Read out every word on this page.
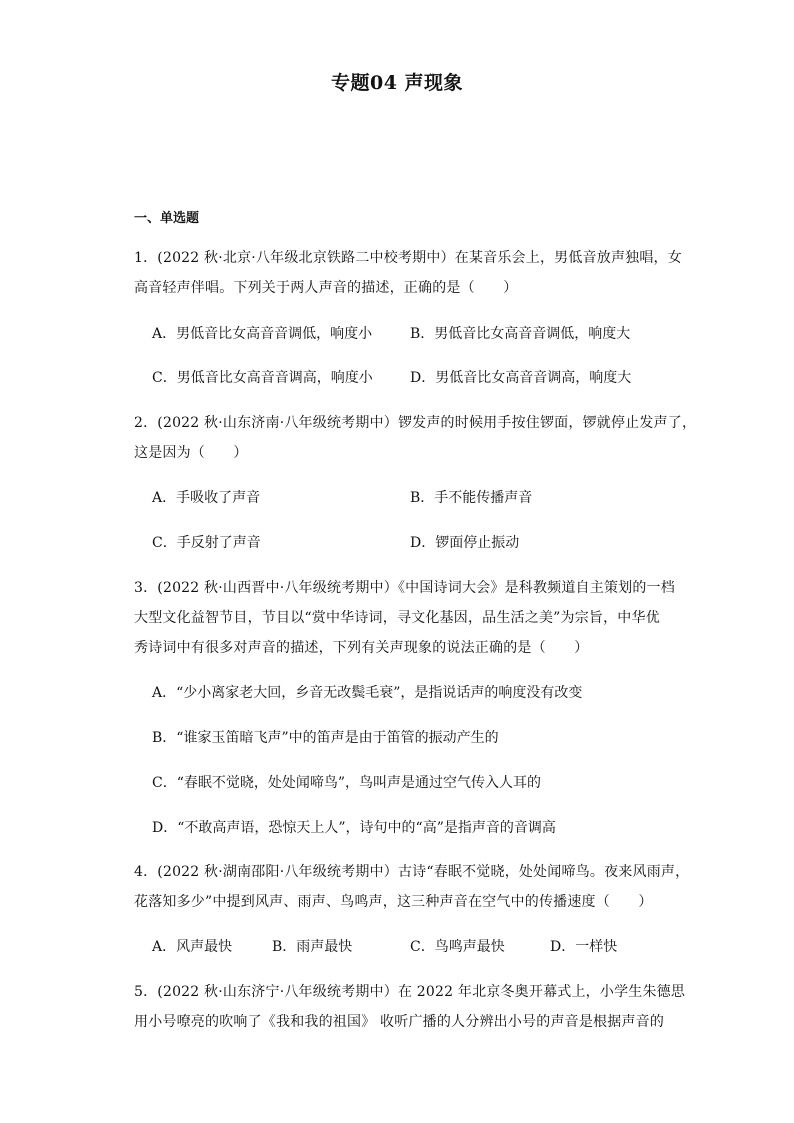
专题04 声现象
一、单选题
1．(2022 秋·北京·八年级北京铁路二中校考期中）在某音乐会上，男低音放声独唱，女
高音轻声伴唱。下列关于两人声音的描述，正确的是（　　）
A．男低音比女高音音调低，响度小	B．男低音比女高音音调低，响度大
C．男低音比女高音音调高，响度小	D．男低音比女高音音调高，响度大
2．(2022 秋·山东济南·八年级统考期中）锣发声的时候用手按住锣面，锣就停止发声了，
这是因为（　　）
A．手吸收了声音	B．手不能传播声音
C．手反射了声音	D．锣面停止振动
3．(2022 秋·山西晋中·八年级统考期中）《中国诗词大会》是科教频道自主策划的一档
大型文化益智节目，节目以“赏中华诗词，寻文化基因，品生活之美”为宗旨，中华优
秀诗词中有很多对声音的描述，下列有关声现象的说法正确的是（　　）
A．“少小离家老大回，乡音无改鬓毛衰”，是指说话声的响度没有改变
B．“谁家玉笛暗飞声”中的笛声是由于笛管的振动产生的
C．“春眠不觉晓，处处闻啼鸟”，鸟叫声是通过空气传入人耳的
D．“不敢高声语，恐惊天上人”，诗句中的“高”是指声音的音调高
4．(2022 秋·湖南邵阳·八年级统考期中）古诗“春眠不觉晓，处处闻啼鸟。夜来风雨声，
花落知多少”中提到风声、雨声、鸟鸣声，这三种声音在空气中的传播速度（　　）
A．风声最快	B．雨声最快	C．鸟鸣声最快	D．一样快
5．(2022 秋·山东济宁·八年级统考期中）在 2022 年北京冬奥开幕式上，小学生朱德思
用小号嘹亮的吹响了《我和我的祖国》 收听广播的人分辨出小号的声音是根据声音的
